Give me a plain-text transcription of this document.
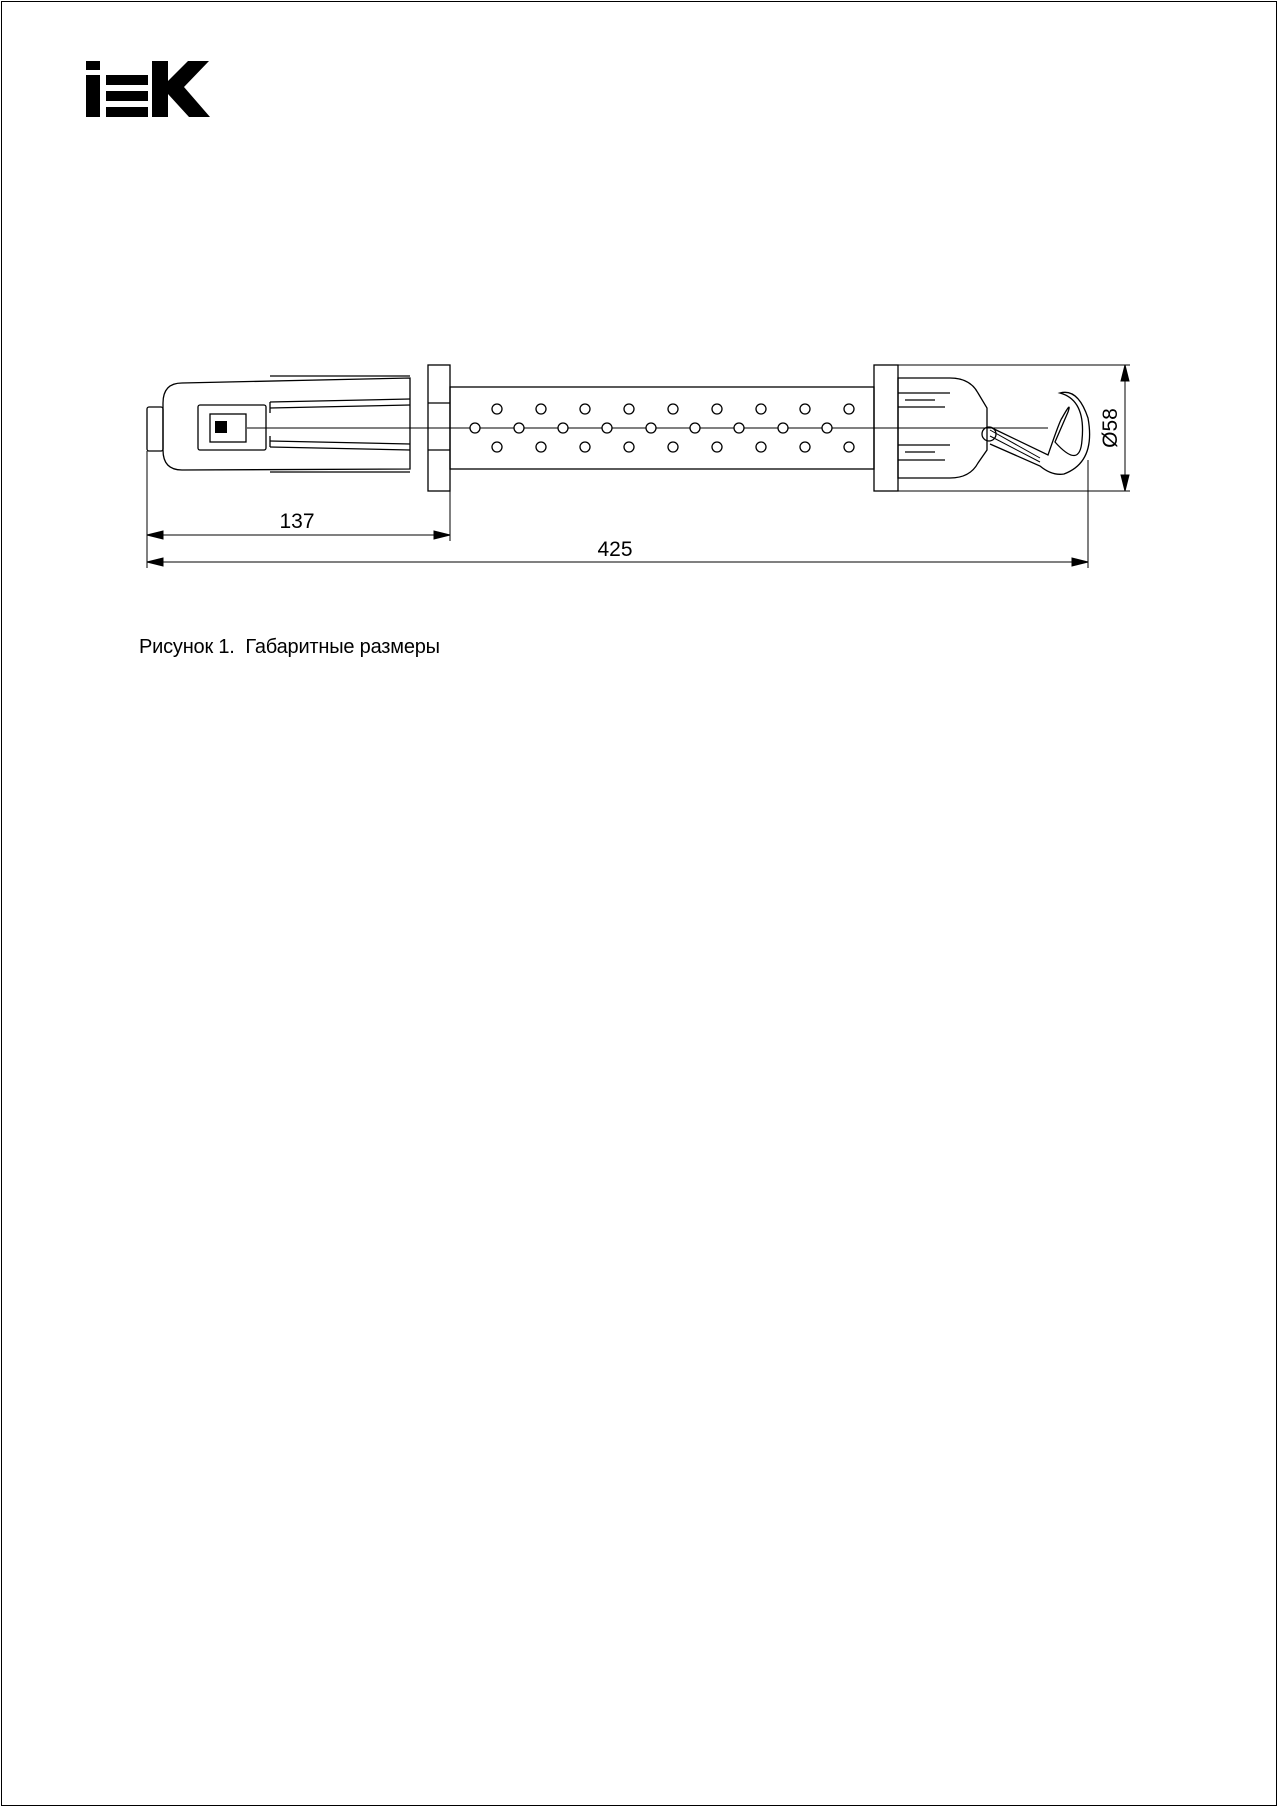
137
425
Ø58
Рисунок 1.  Габаритные размеры
